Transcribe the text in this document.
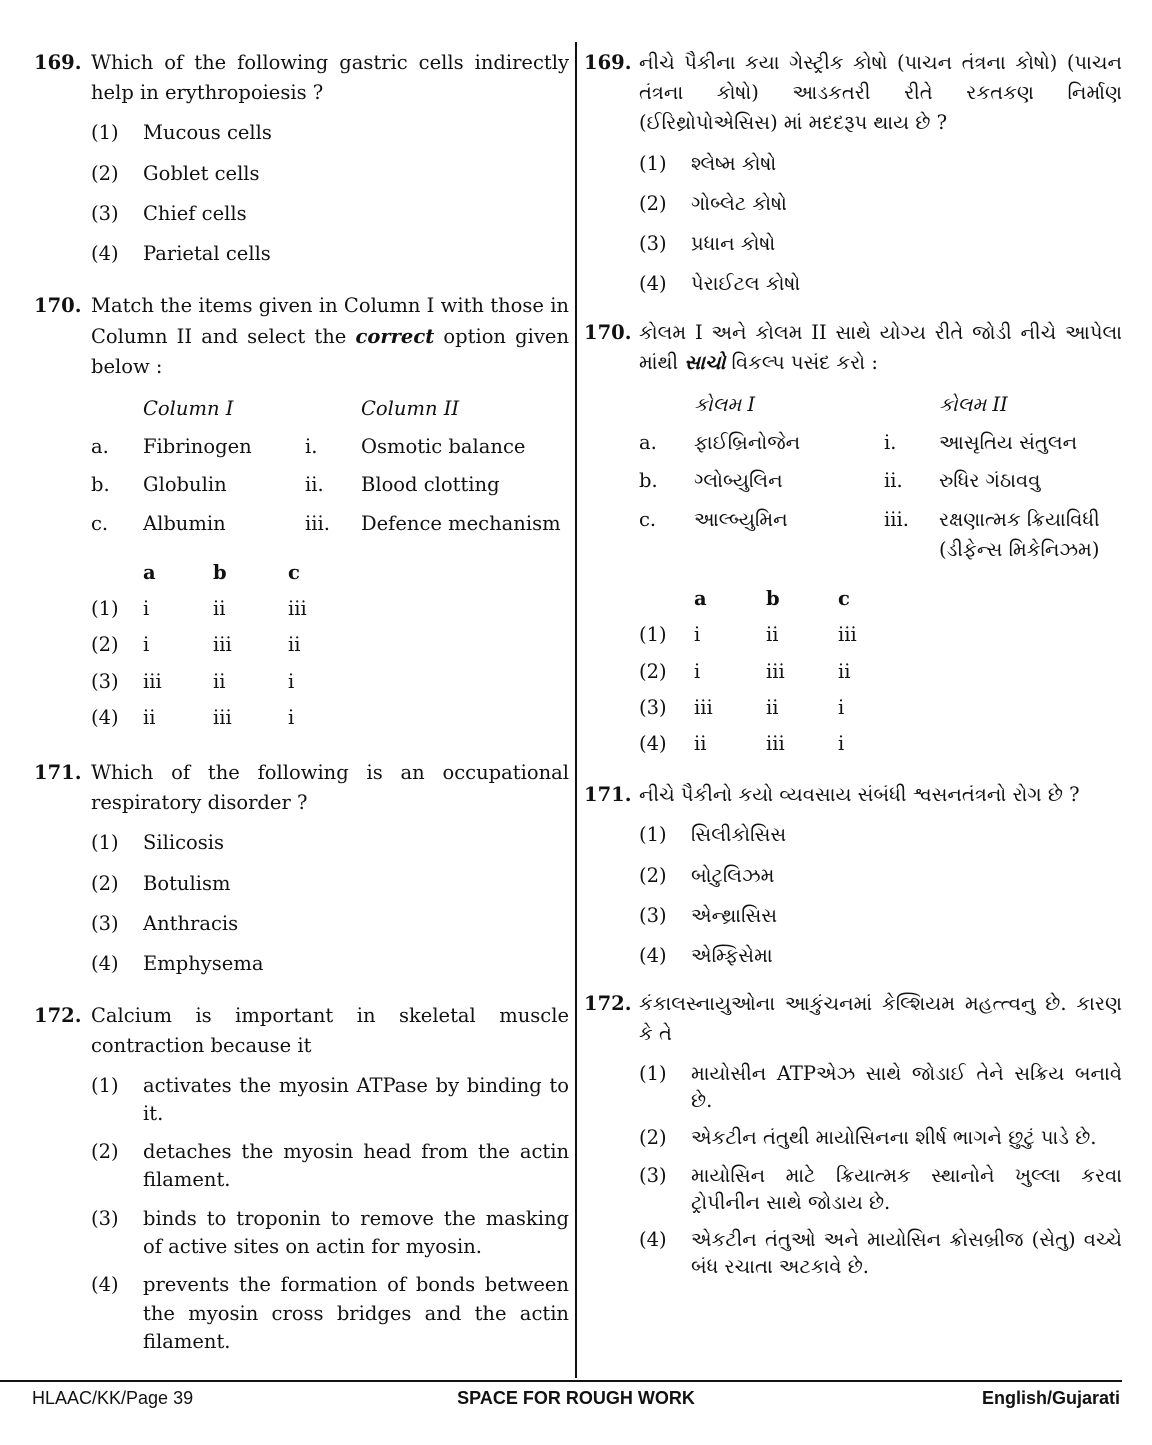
169. Which of the following gastric cells indirectly help in erythropoiesis ?
(1) Mucous cells
(2) Goblet cells
(3) Chief cells
(4) Parietal cells
170. Match the items given in Column I with those in Column II and select the correct option given below :
	Column I		Column II
a.	Fibrinogen	i.	Osmotic balance
b.	Globulin	ii.	Blood clotting
c.	Albumin	iii.	Defence mechanism
	a	b	c
(1)	i	ii	iii
(2)	i	iii	ii
(3)	iii	ii	i
(4)	ii	iii	i
171. Which of the following is an occupational respiratory disorder ?
(1) Silicosis
(2) Botulism
(3) Anthracis
(4) Emphysema
172. Calcium is important in skeletal muscle contraction because it
(1) activates the myosin ATPase by binding to it.
(2) detaches the myosin head from the actin filament.
(3) binds to troponin to remove the masking of active sites on actin for myosin.
(4) prevents the formation of bonds between the myosin cross bridges and the actin filament.
169. નીચે પૈકીના કયા ગેસ્ટ્રીક કોષો (પાચન તંત્રના કોષો) (પાચન તંત્રના કોષો) આડકતરી રીતે રકતકણ નિર્માણ (ઈરિથ્રોપોએસિસ) માં મદદરૂપ થાય છે ?
(1) શ્લેષ્મ કોષો
(2) ગોબ્લેટ કોષો
(3) પ્રધાન કોષો
(4) પેરાઈટલ કોષો
170. કોલમ I અને કોલમ II સાથે યોગ્ય રીતે જોડી નીચે આપેલા માંથી સાચો વિકલ્પ પસંદ કરો :
	કોલમ I		કોલમ II
a.	ફાઈબ્રિનોજેન	i.	આસૃતિય સંતુલન
b.	ગ્લોબ્યુલિન	ii.	રુધિર ગંઠાવવુ
c.	આલ્બ્યુમિન	iii.	રક્ષણાત્મક ક્રિયાવિધી (ડીફેન્સ મિકેનિઝમ)
	a	b	c
(1)	i	ii	iii
(2)	i	iii	ii
(3)	iii	ii	i
(4)	ii	iii	i
171. નીચે પૈકીનો કયો વ્યવસાય સંબંધી શ્વસનતંત્રનો રોગ છે ?
(1) સિલીકોસિસ
(2) બોટુલિઝમ
(3) એન્થ્રાસિસ
(4) એમ્ફિસેમા
172. કંકાલસ્નાયુઓના આકુંચનમાં કેલ્શિયમ મહત્ત્વનુ છે. કારણ કે તે
(1) માયોસીન ATPએઝ સાથે જોડાઈ તેને સક્રિય બનાવે છે.
(2) એકટીન તંતુથી માયોસિનના શીર્ષ ભાગને છુટું પાડે છે.
(3) માયોસિન માટે ક્રિયાત્મક સ્થાનોને ખુલ્લા કરવા ટ્રોપીનીન સાથે જોડાય છે.
(4) એકટીન તંતુઓ અને માયોસિન ક્રોસબ્રીજ (સેતુ) વચ્ચે બંધ રચાતા અટકાવે છે.
HLAAC/KK/Page 39	SPACE FOR ROUGH WORK	English/Gujarati
